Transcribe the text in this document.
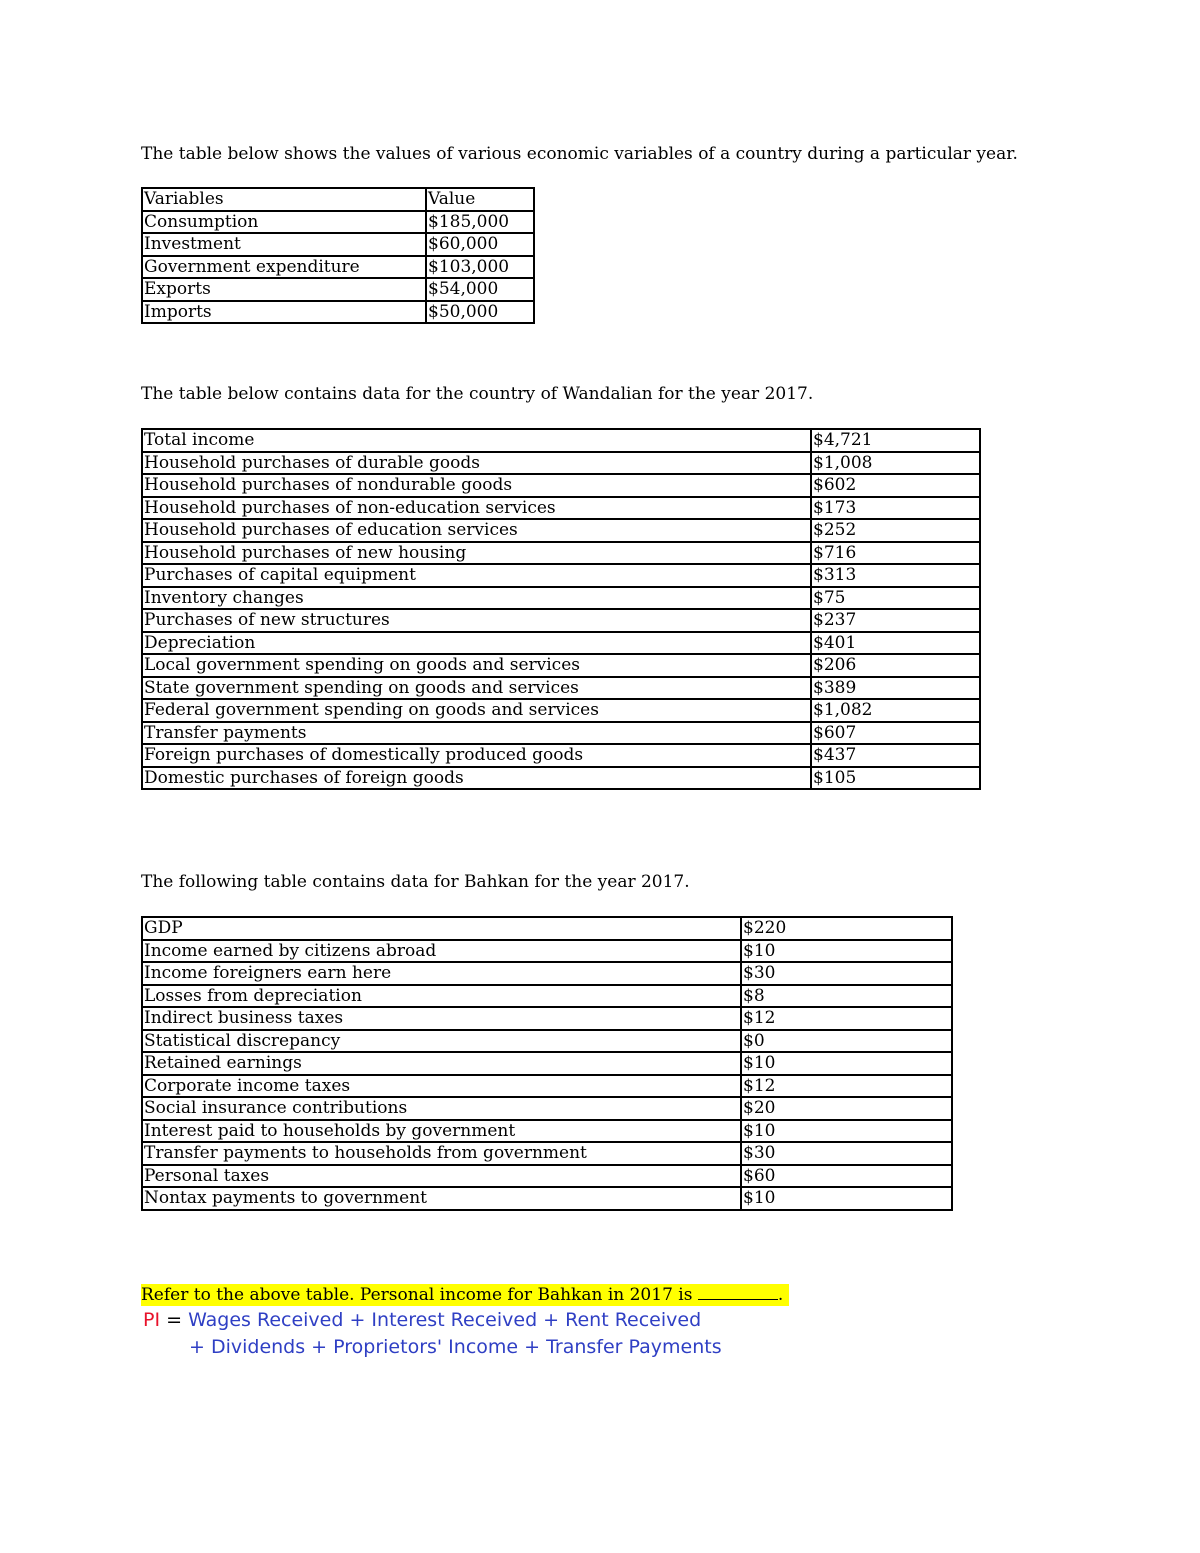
The table below shows the values of various economic variables of a country during a particular year.
Variables	Value
Consumption	$185,000
Investment	$60,000
Government expenditure	$103,000
Exports	$54,000
Imports	$50,000
The table below contains data for the country of Wandalian for the year 2017.
Total income	$4,721
Household purchases of durable goods	$1,008
Household purchases of nondurable goods	$602
Household purchases of non-education services	$173
Household purchases of education services	$252
Household purchases of new housing	$716
Purchases of capital equipment	$313
Inventory changes	$75
Purchases of new structures	$237
Depreciation	$401
Local government spending on goods and services	$206
State government spending on goods and services	$389
Federal government spending on goods and services	$1,082
Transfer payments	$607
Foreign purchases of domestically produced goods	$437
Domestic purchases of foreign goods	$105
The following table contains data for Bahkan for the year 2017.
GDP	$220
Income earned by citizens abroad	$10
Income foreigners earn here	$30
Losses from depreciation	$8
Indirect business taxes	$12
Statistical discrepancy	$0
Retained earnings	$10
Corporate income taxes	$12
Social insurance contributions	$20
Interest paid to households by government	$10
Transfer payments to households from government	$30
Personal taxes	$60
Nontax payments to government	$10
Refer to the above table. Personal income for Bahkan in 2017 is	.
PI = Wages Received + Interest Received + Rent Received
+ Dividends + Proprietors' Income + Transfer Payments
